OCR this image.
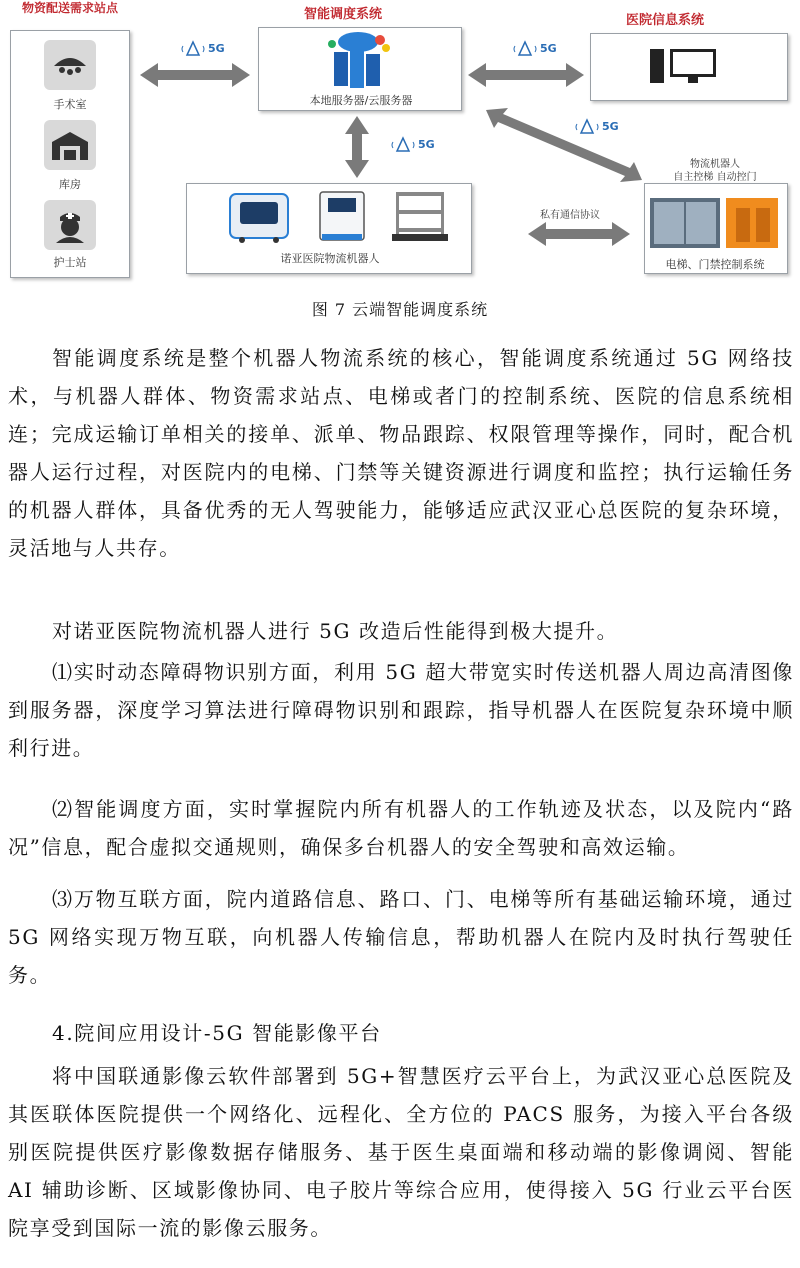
物资配送需求站点
手术室
库房
护士站
智能调度系统
本地服务器/云服务器
医院信息系统
诺亚医院物流机器人
物流机器人
自主控梯 自动控门
电梯、门禁控制系统
5G	5G
5G
5G
私有通信协议
图 7 云端智能调度系统

智能调度系统是整个机器人物流系统的核心，智能调度系统通过 5G 网络技术，与机器人群体、物资需求站点、电梯或者门的控制系统、医院的信息系统相连；完成运输订单相关的接单、派单、物品跟踪、权限管理等操作，同时，配合机器人运行过程，对医院内的电梯、门禁等关键资源进行调度和监控；执行运输任务的机器人群体，具备优秀的无人驾驶能力，能够适应武汉亚心总医院的复杂环境，灵活地与人共存。

对诺亚医院物流机器人进行 5G 改造后性能得到极大提升。

⑴实时动态障碍物识别方面，利用 5G 超大带宽实时传送机器人周边高清图像到服务器，深度学习算法进行障碍物识别和跟踪，指导机器人在医院复杂环境中顺利行进。

⑵智能调度方面，实时掌握院内所有机器人的工作轨迹及状态，以及院内“路况”信息，配合虚拟交通规则，确保多台机器人的安全驾驶和高效运输。

⑶万物互联方面，院内道路信息、路口、门、电梯等所有基础运输环境，通过 5G 网络实现万物互联，向机器人传输信息，帮助机器人在院内及时执行驾驶任务。

4.院间应用设计-5G 智能影像平台

将中国联通影像云软件部署到 5G+智慧医疗云平台上，为武汉亚心总医院及其医联体医院提供一个网络化、远程化、全方位的 PACS 服务，为接入平台各级别医院提供医疗影像数据存储服务、基于医生桌面端和移动端的影像调阅、智能 AI 辅助诊断、区域影像协同、电子胶片等综合应用，使得接入 5G 行业云平台医院享受到国际一流的影像云服务。
